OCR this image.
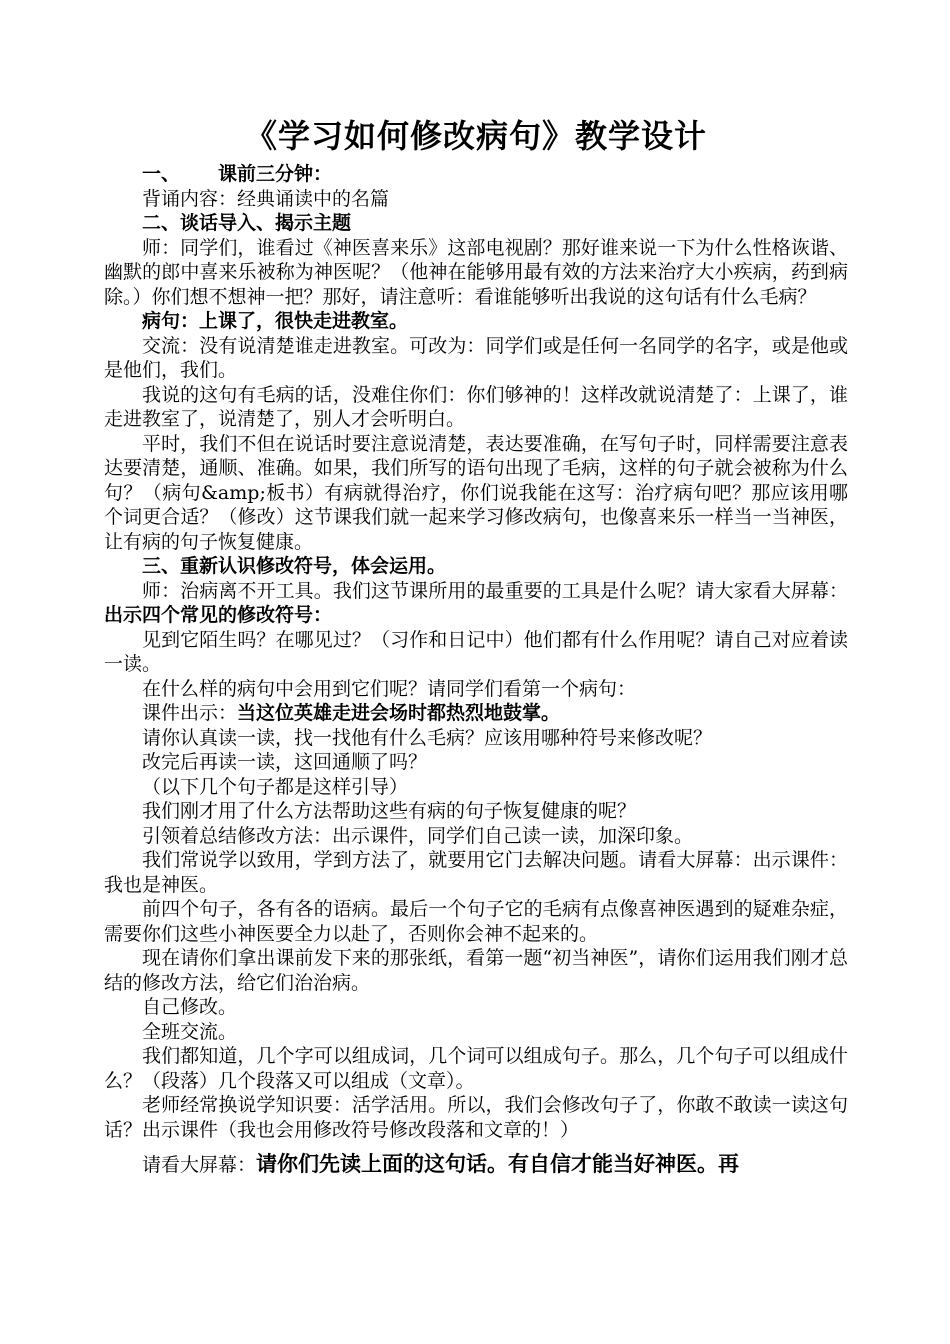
《学习如何修改病句》教学设计

一、 课前三分钟：

背诵内容：经典诵读中的名篇

二、谈话导入、揭示主题

师：同学们，谁看过《神医喜来乐》这部电视剧？那好谁来说一下为什么性格诙谐、幽默的郎中喜来乐被称为神医呢？（他神在能够用最有效的方法来治疗大小疾病，药到病除。）你们想不想神一把？那好，请注意听：看谁能够听出我说的这句话有什么毛病？

病句：上课了，很快走进教室。

交流：没有说清楚谁走进教室。可改为：同学们或是任何一名同学的名字，或是他或是他们，我们。

我说的这句有毛病的话，没难住你们：你们够神的！这样改就说清楚了：上课了，谁走进教室了，说清楚了，别人才会听明白。

平时，我们不但在说话时要注意说清楚，表达要准确，在写句子时，同样需要注意表达要清楚，通顺、准确。如果，我们所写的语句出现了毛病，这样的句子就会被称为什么句？（病句&amp;板书）有病就得治疗，你们说我能在这写：治疗病句吧？那应该用哪个词更合适？（修改）这节课我们就一起来学习修改病句，也像喜来乐一样当一当神医，让有病的句子恢复健康。

三、重新认识修改符号，体会运用。

师：治病离不开工具。我们这节课所用的最重要的工具是什么呢？请大家看大屏幕：出示四个常见的修改符号：

见到它陌生吗？在哪见过？（习作和日记中）他们都有什么作用呢？请自己对应着读一读。

在什么样的病句中会用到它们呢？请同学们看第一个病句：

课件出示：当这位英雄走进会场时都热烈地鼓掌。

请你认真读一读，找一找他有什么毛病？应该用哪种符号来修改呢？

改完后再读一读，这回通顺了吗？

（以下几个句子都是这样引导）

我们刚才用了什么方法帮助这些有病的句子恢复健康的呢？

引领着总结修改方法：出示课件，同学们自己读一读，加深印象。

我们常说学以致用，学到方法了，就要用它门去解决问题。请看大屏幕：出示课件：我也是神医。

前四个句子，各有各的语病。最后一个句子它的毛病有点像喜神医遇到的疑难杂症，需要你们这些小神医要全力以赴了，否则你会神不起来的。

现在请你们拿出课前发下来的那张纸，看第一题“初当神医”，请你们运用我们刚才总结的修改方法，给它们治治病。

自己修改。

全班交流。

我们都知道，几个字可以组成词，几个词可以组成句子。那么，几个句子可以组成什么？（段落）几个段落又可以组成（文章）。

老师经常换说学知识要：活学活用。所以，我们会修改句子了，你敢不敢读一读这句话？出示课件（我也会用修改符号修改段落和文章的！）

请看大屏幕：请你们先读上面的这句话。有自信才能当好神医。再
